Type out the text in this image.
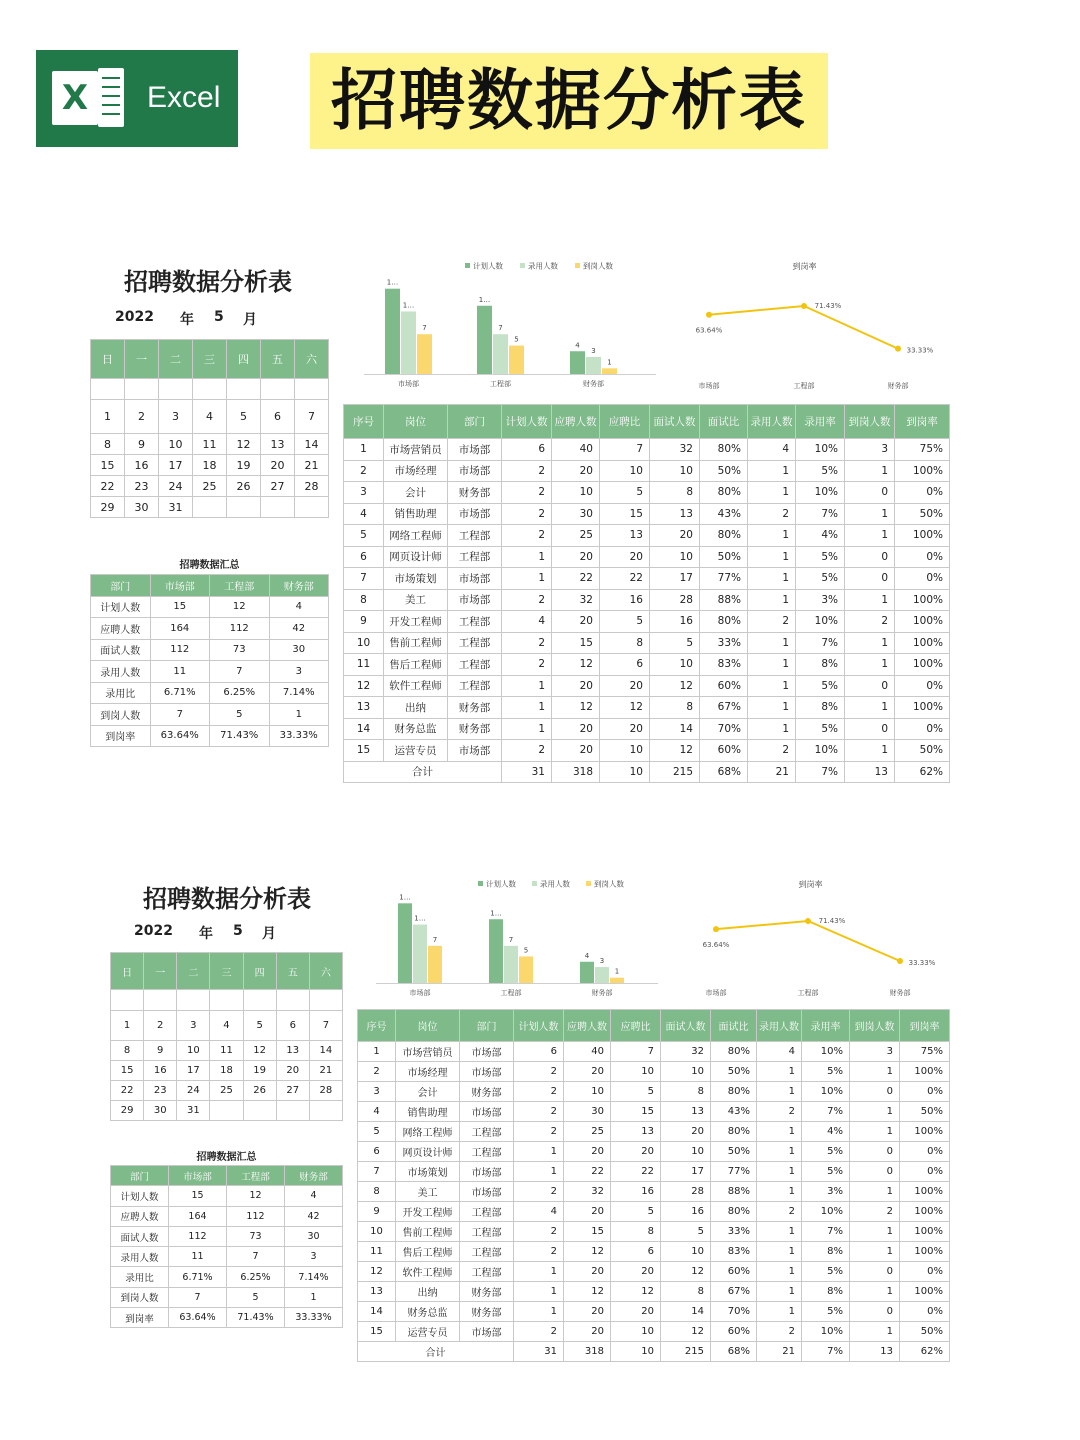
X	Excel	招聘数据分析表
招聘数据分析表
2022 年 5 月
日	一	二	三	四	五	六

1	2	3	4	5	6	7
8	9	10	11	12	13	14
15	16	17	18	19	20	21
22	23	24	25	26	27	28
29	30	31				
招聘数据汇总
部门	市场部	工程部	财务部
计划人数	15	12	4
应聘人数	164	112	42
面试人数	112	73	30
录用人数	11	7	3
录用比	6.71%	6.25%	7.14%
到岗人数	7	5	1
到岗率	63.64%	71.43%	33.33%
序号	岗位	部门	计划人数	应聘人数	应聘比	面试人数	面试比	录用人数	录用率	到岗人数	到岗率
1	市场营销员	市场部	6	40	7	32	80%	4	10%	3	75%
2	市场经理	市场部	2	20	10	10	50%	1	5%	1	100%
3	会计	财务部	2	10	5	8	80%	1	10%	0	0%
4	销售助理	市场部	2	30	15	13	43%	2	7%	1	50%
5	网络工程师	工程部	2	25	13	20	80%	1	4%	1	100%
6	网页设计师	工程部	1	20	20	10	50%	1	5%	0	0%
7	市场策划	市场部	1	22	22	17	77%	1	5%	0	0%
8	美工	市场部	2	32	16	28	88%	1	3%	1	100%
9	开发工程师	工程部	4	20	5	16	80%	2	10%	2	100%
10	售前工程师	工程部	2	15	8	5	33%	1	7%	1	100%
11	售后工程师	工程部	2	12	6	10	83%	1	8%	1	100%
12	软件工程师	工程部	1	20	20	12	60%	1	5%	0	0%
13	出纳	财务部	1	12	12	8	67%	1	8%	1	100%
14	财务总监	财务部	1	20	20	14	70%	1	5%	0	0%
15	运营专员	市场部	2	20	10	12	60%	2	10%	1	50%
合计			31	318	10	215	68%	21	7%	13	62%
计划人数	录用人数	到岗人数
1…
1…
7
市场部
1…
7
5
工程部
4
3
1
财务部
到岗率
63.64%
市场部
71.43%
工程部
33.33%
财务部
招聘数据分析表
2022 年 5 月
日	一	二	三	四	五	六

1	2	3	4	5	6	7
8	9	10	11	12	13	14
15	16	17	18	19	20	21
22	23	24	25	26	27	28
29	30	31				
招聘数据汇总
部门	市场部	工程部	财务部
计划人数	15	12	4
应聘人数	164	112	42
面试人数	112	73	30
录用人数	11	7	3
录用比	6.71%	6.25%	7.14%
到岗人数	7	5	1
到岗率	63.64%	71.43%	33.33%
序号	岗位	部门	计划人数	应聘人数	应聘比	面试人数	面试比	录用人数	录用率	到岗人数	到岗率
1	市场营销员	市场部	6	40	7	32	80%	4	10%	3	75%
2	市场经理	市场部	2	20	10	10	50%	1	5%	1	100%
3	会计	财务部	2	10	5	8	80%	1	10%	0	0%
4	销售助理	市场部	2	30	15	13	43%	2	7%	1	50%
5	网络工程师	工程部	2	25	13	20	80%	1	4%	1	100%
6	网页设计师	工程部	1	20	20	10	50%	1	5%	0	0%
7	市场策划	市场部	1	22	22	17	77%	1	5%	0	0%
8	美工	市场部	2	32	16	28	88%	1	3%	1	100%
9	开发工程师	工程部	4	20	5	16	80%	2	10%	2	100%
10	售前工程师	工程部	2	15	8	5	33%	1	7%	1	100%
11	售后工程师	工程部	2	12	6	10	83%	1	8%	1	100%
12	软件工程师	工程部	1	20	20	12	60%	1	5%	0	0%
13	出纳	财务部	1	12	12	8	67%	1	8%	1	100%
14	财务总监	财务部	1	20	20	14	70%	1	5%	0	0%
15	运营专员	市场部	2	20	10	12	60%	2	10%	1	50%
合计			31	318	10	215	68%	21	7%	13	62%
计划人数	录用人数	到岗人数
1…
1…
7
市场部
1…
7
5
工程部
4
3
1
财务部
到岗率
63.64%
市场部
71.43%
工程部
33.33%
财务部
